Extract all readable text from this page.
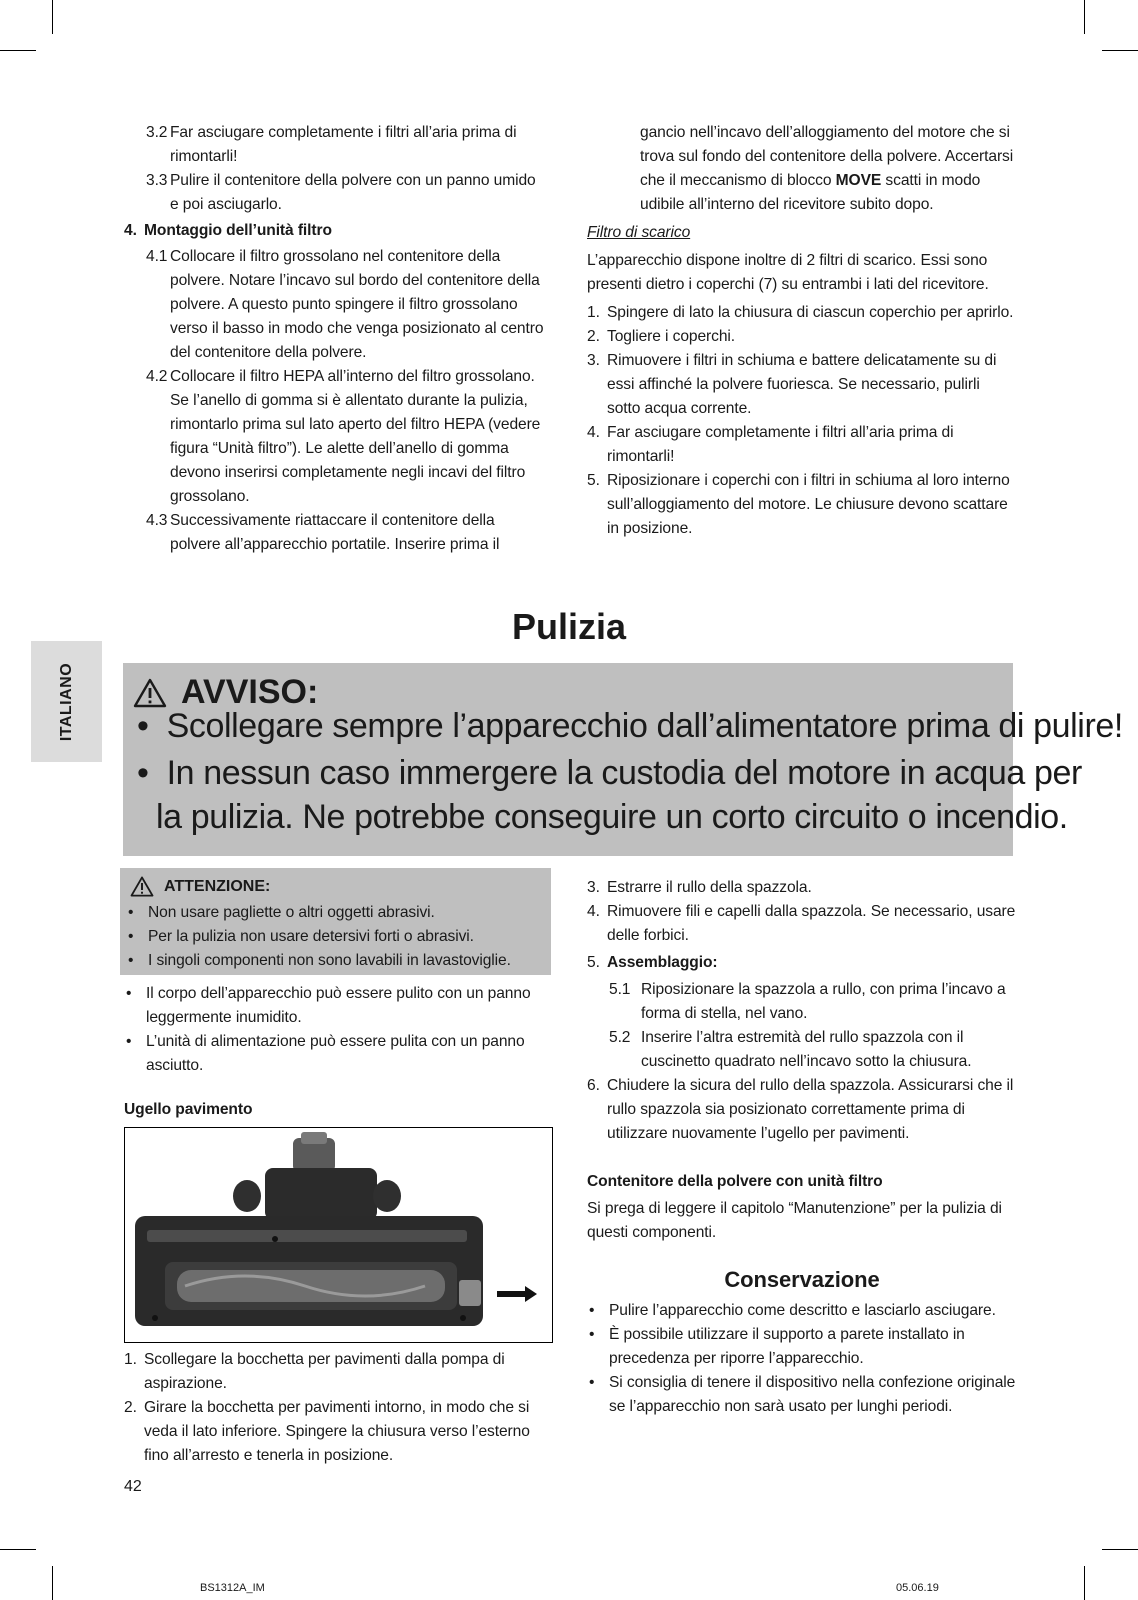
ITALIANO

3.2 Far asciugare completamente i filtri all’aria prima di rimontarli!

3.3 Pulire il contenitore della polvere con un panno umido e poi asciugarlo.

4. Montaggio dell’unità filtro

4.1 Collocare il filtro grossolano nel contenitore della polvere. Notare l’incavo sul bordo del contenitore della polvere. A questo punto spingere il filtro grossolano verso il basso in modo che venga posizionato al centro del contenitore della polvere.

4.2 Collocare il filtro HEPA all’interno del filtro grossolano. Se l’anello di gomma si è allentato durante la pulizia, rimontarlo prima sul lato aperto del filtro HEPA (vedere figura “Unità filtro”). Le alette dell’anello di gomma devono inserirsi completamente negli incavi del filtro grossolano.

4.3 Successivamente riattaccare il contenitore della polvere all’apparecchio portatile. Inserire prima il

gancio nell’incavo dell’alloggiamento del motore che si trova sul fondo del contenitore della polvere. Accertarsi che il meccanismo di blocco MOVE scatti in modo udibile all’interno del ricevitore subito dopo.

Filtro di scarico

L’apparecchio dispone inoltre di 2 filtri di scarico. Essi sono presenti dietro i coperchi (7) su entrambi i lati del ricevitore.

1. Spingere di lato la chiusura di ciascun coperchio per aprirlo.

2. Togliere i coperchi.

3. Rimuovere i filtri in schiuma e battere delicatamente su di essi affinché la polvere fuoriesca. Se necessario, pulirli sotto acqua corrente.

4. Far asciugare completamente i filtri all’aria prima di rimontarli!

5. Riposizionare i coperchi con i filtri in schiuma al loro interno sull’alloggiamento del motore. Le chiusure devono scattare in posizione.

Pulizia
AVVISO:
• Scollegare sempre l’apparecchio dall’alimentatore prima di pulire!
• In nessun caso immergere la custodia del motore in acqua per
la pulizia. Ne potrebbe conseguire un corto circuito o incendio.
ATTENZIONE:

• Non usare pagliette o altri oggetti abrasivi.

• Per la pulizia non usare detersivi forti o abrasivi.

• I singoli componenti non sono lavabili in lavastoviglie.

• Il corpo dell’apparecchio può essere pulito con un panno leggermente inumidito.

• L’unità di alimentazione può essere pulita con un panno asciutto.

Ugello pavimento

1. Scollegare la bocchetta per pavimenti dalla pompa di aspirazione.

2. Girare la bocchetta per pavimenti intorno, in modo che si veda il lato inferiore. Spingere la chiusura verso l’esterno fino all’arresto e tenerla in posizione.

3. Estrarre il rullo della spazzola.

4. Rimuovere fili e capelli dalla spazzola. Se necessario, usare delle forbici.

5. Assemblaggio:

5.1 Riposizionare la spazzola a rullo, con prima l’incavo a forma di stella, nel vano.

5.2 Inserire l’altra estremità del rullo spazzola con il cuscinetto quadrato nell’incavo sotto la chiusura.

6. Chiudere la sicura del rullo della spazzola. Assicurarsi che il rullo spazzola sia posizionato correttamente prima di utilizzare nuovamente l’ugello per pavimenti.

Contenitore della polvere con unità filtro

Si prega di leggere il capitolo “Manutenzione” per la pulizia di questi componenti.

Conservazione

• Pulire l’apparecchio come descritto e lasciarlo asciugare.

• È possibile utilizzare il supporto a parete installato in precedenza per riporre l’apparecchio.

• Si consiglia di tenere il dispositivo nella confezione originale se l’apparecchio non sarà usato per lunghi periodi.

42
BS1312A_IM	05.06.19
